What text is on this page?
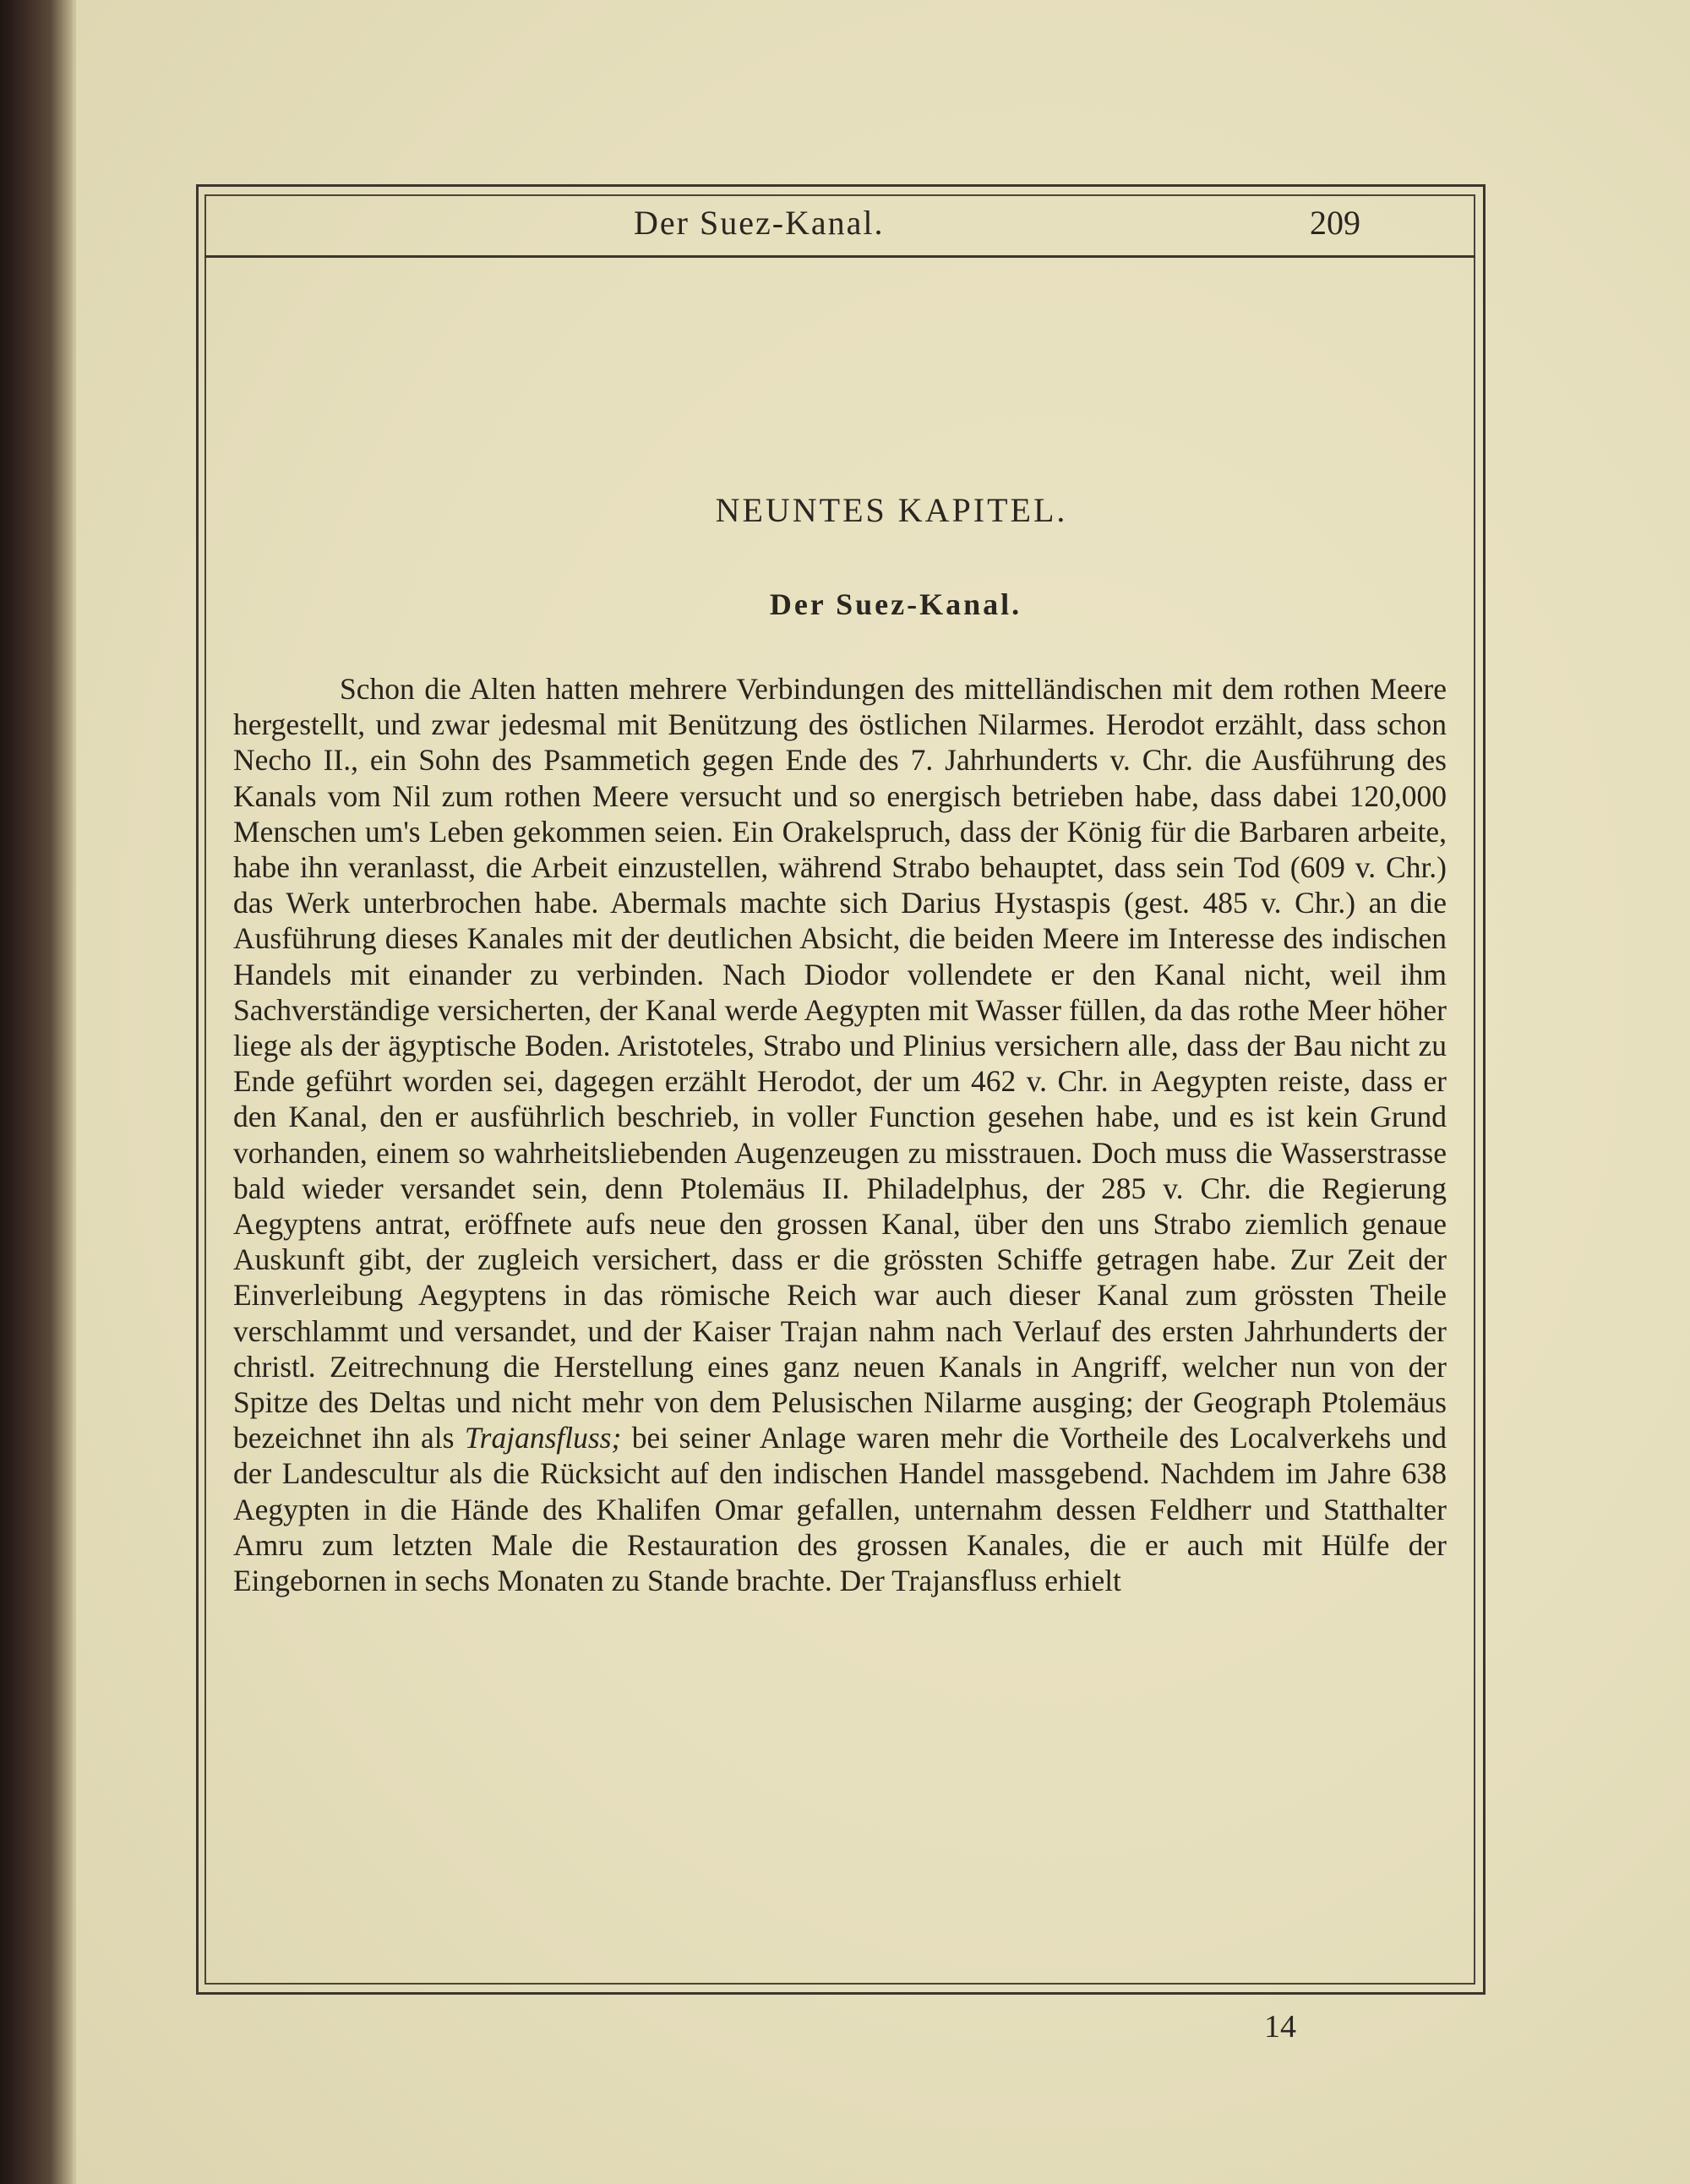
Der Suez-Kanal.	209
NEUNTES KAPITEL.
Der Suez-Kanal.

Schon die Alten hatten mehrere Verbindungen des mittelländischen mit dem rothen Meere hergestellt, und zwar jedesmal mit Benützung des östlichen Nilarmes. Herodot erzählt, dass schon Necho II., ein Sohn des Psammetich gegen Ende des 7. Jahrhunderts v. Chr. die Ausführung des Kanals vom Nil zum rothen Meere versucht und so energisch betrieben habe, dass dabei 120,000 Menschen um's Leben gekommen seien. Ein Orakelspruch, dass der König für die Barbaren arbeite, habe ihn veranlasst, die Arbeit einzustellen, während Strabo behauptet, dass sein Tod (609 v. Chr.) das Werk unterbrochen habe. Abermals machte sich Darius Hystaspis (gest. 485 v. Chr.) an die Ausführung dieses Kanales mit der deutlichen Absicht, die beiden Meere im Interesse des indischen Handels mit einander zu verbinden. Nach Diodor vollendete er den Kanal nicht, weil ihm Sachverständige versicherten, der Kanal werde Aegypten mit Wasser füllen, da das rothe Meer höher liege als der ägyptische Boden. Aristoteles, Strabo und Plinius versichern alle, dass der Bau nicht zu Ende geführt worden sei, dagegen erzählt Herodot, der um 462 v. Chr. in Aegypten reiste, dass er den Kanal, den er ausführlich beschrieb, in voller Function gesehen habe, und es ist kein Grund vorhanden, einem so wahrheitsliebenden Augenzeugen zu misstrauen. Doch muss die Wasserstrasse bald wieder versandet sein, denn Ptolemäus II. Philadelphus, der 285 v. Chr. die Regierung Aegyptens antrat, eröffnete aufs neue den grossen Kanal, über den uns Strabo ziemlich genaue Auskunft gibt, der zugleich versichert, dass er die grössten Schiffe getragen habe. Zur Zeit der Einverleibung Aegyptens in das römische Reich war auch dieser Kanal zum grössten Theile verschlammt und versandet, und der Kaiser Trajan nahm nach Verlauf des ersten Jahrhunderts der christl. Zeitrechnung die Herstellung eines ganz neuen Kanals in Angriff, welcher nun von der Spitze des Deltas und nicht mehr von dem Pelusischen Nilarme ausging; der Geograph Ptolemäus bezeichnet ihn als Trajansfluss; bei seiner Anlage waren mehr die Vortheile des Localverkehs und der Landescultur als die Rücksicht auf den indischen Handel massgebend. Nachdem im Jahre 638 Aegypten in die Hände des Khalifen Omar gefallen, unternahm dessen Feldherr und Statthalter Amru zum letzten Male die Restauration des grossen Kanales, die er auch mit Hülfe der Eingebornen in sechs Monaten zu Stande brachte. Der Trajansfluss erhielt

14
